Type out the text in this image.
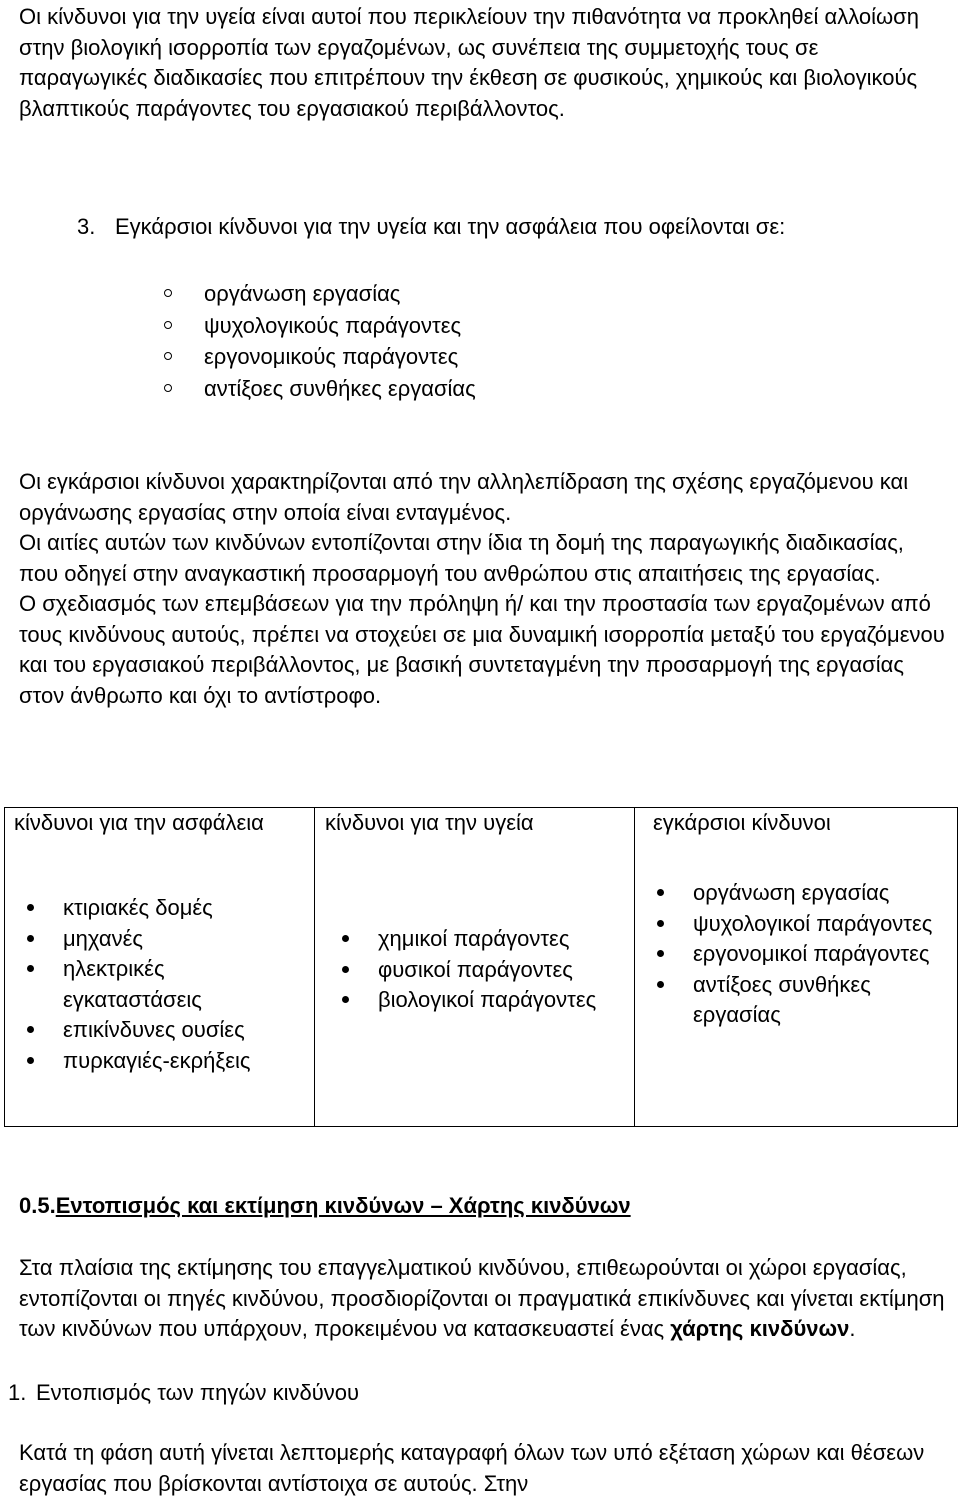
Οι κίνδυνοι για την υγεία είναι αυτοί που περικλείουν την πιθανότητα να προκληθεί αλλοίωση στην βιολογική ισορροπία των εργαζομένων, ως συνέπεια της συμμετοχής τους σε παραγωγικές διαδικασίες που επιτρέπουν την έκθεση σε φυσικούς, χημικούς και βιολογικούς βλαπτικούς παράγοντες του εργασιακού περιβάλλοντος.

3. Εγκάρσιοι κίνδυνοι για την υγεία και την ασφάλεια που οφείλονται σε:

οργάνωση εργασίας
ψυχολογικούς παράγοντες
εργονομικούς παράγοντες
αντίξοες συνθήκες εργασίας
Οι εγκάρσιοι κίνδυνοι χαρακτηρίζονται από την αλληλεπίδραση της σχέσης εργαζόμενου και οργάνωσης εργασίας στην οποία είναι ενταγμένος.
Οι αιτίες αυτών των κινδύνων εντοπίζονται στην ίδια τη δομή της παραγωγικής διαδικασίας, που οδηγεί στην αναγκαστική προσαρμογή του ανθρώπου στις απαιτήσεις της εργασίας.
Ο σχεδιασμός των επεμβάσεων για την πρόληψη ή/ και την προστασία των εργαζομένων από τους κινδύνους αυτούς, πρέπει να στοχεύει σε μια δυναμική ισορροπία μεταξύ του εργαζόμενου και του εργασιακού περιβάλλοντος, με βασική συντεταγμένη την προσαρμογή της εργασίας στον άνθρωπο και όχι το αντίστροφο.

κίνδυνοι για την ασφάλεια

κτιριακές δομές
μηχανές
ηλεκτρικές εγκαταστάσεις
επικίνδυνες ουσίες
πυρκαγιές-εκρήξεις

κίνδυνοι για την υγεία

χημικοί παράγοντες
φυσικοί παράγοντες
βιολογικοί παράγοντες

εγκάρσιοι κίνδυνοι

οργάνωση εργασίας
ψυχολογικοί παράγοντες
εργονομικοί παράγοντες
αντίξοες συνθήκες εργασίας

0.5.Εντοπισμός και εκτίμηση κινδύνων – Χάρτης κινδύνων

Στα πλαίσια της εκτίμησης του επαγγελματικού κινδύνου, επιθεωρούνται οι χώροι εργασίας, εντοπίζονται οι πηγές κινδύνου, προσδιορίζονται οι πραγματικά επικίνδυνες και γίνεται εκτίμηση των κινδύνων που υπάρχουν, προκειμένου να κατασκευαστεί ένας χάρτης κινδύνων.

1. Εντοπισμός των πηγών κινδύνου

Κατά τη φάση αυτή γίνεται λεπτομερής καταγραφή όλων των υπό εξέταση χώρων και θέσεων εργασίας που βρίσκονται αντίστοιχα σε αυτούς. Στην
